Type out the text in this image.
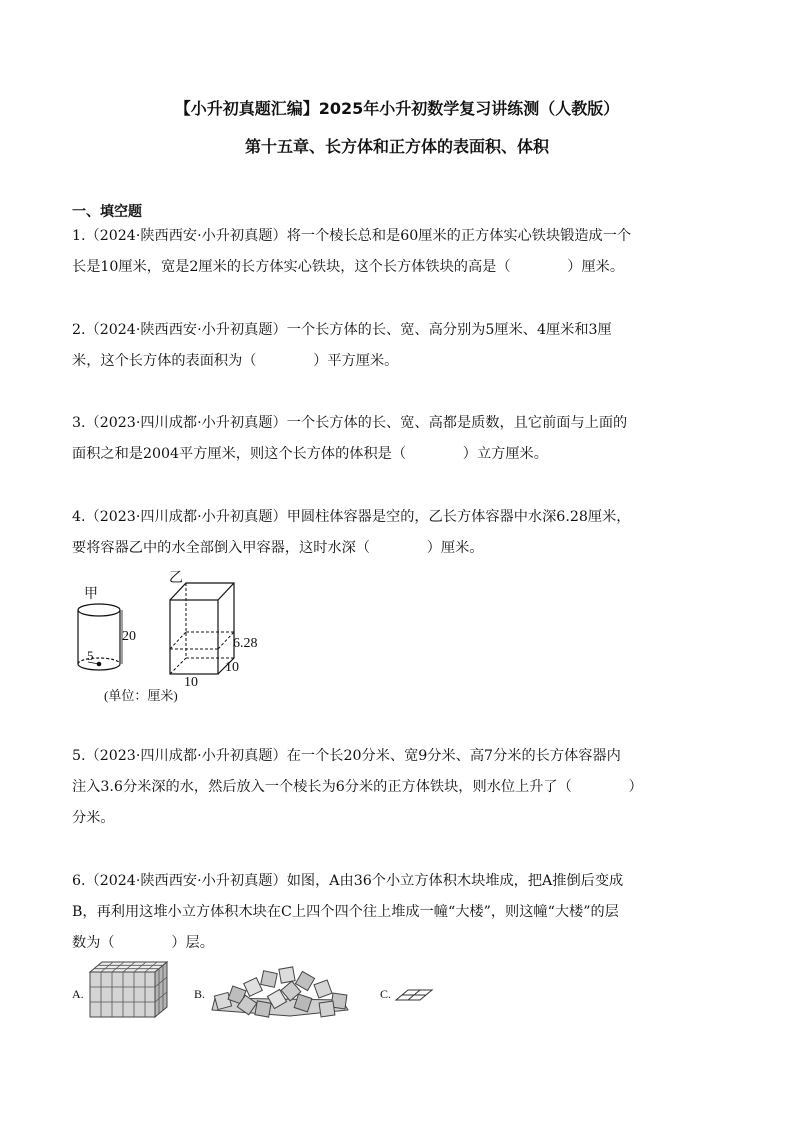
【小升初真题汇编】2025年小升初数学复习讲练测（人教版）
第十五章、长方体和正方体的表面积、体积
一、填空题

1.（2024·陕西西安·小升初真题）将一个棱长总和是60厘米的正方体实心铁块锻造成一个

长是10厘米，宽是2厘米的长方体实心铁块，这个长方体铁块的高是（　　　　）厘米。

2.（2024·陕西西安·小升初真题）一个长方体的长、宽、高分别为5厘米、4厘米和3厘

米，这个长方体的表面积为（　　　　）平方厘米。

3.（2023·四川成都·小升初真题）一个长方体的长、宽、高都是质数，且它前面与上面的

面积之和是2004平方厘米，则这个长方体的体积是（　　　　）立方厘米。

4.（2023·四川成都·小升初真题）甲圆柱体容器是空的，乙长方体容器中水深6.28厘米，

要将容器乙中的水全部倒入甲容器，这时水深（　　　　）厘米。

甲
乙
20
5
6.28
10
10
(单位：厘米)

5.（2023·四川成都·小升初真题）在一个长20分米、宽9分米、高7分米的长方体容器内

注入3.6分米深的水，然后放入一个棱长为6分米的正方体铁块，则水位上升了（　　　　）

分米。

6.（2024·陕西西安·小升初真题）如图，A由36个小立方体积木块堆成，把A推倒后变成

B，再利用这堆小立方体积木块在C上四个四个往上堆成一幢“大楼”，则这幢“大楼”的层

数为（　　　　）层。

A.	B.	C.
